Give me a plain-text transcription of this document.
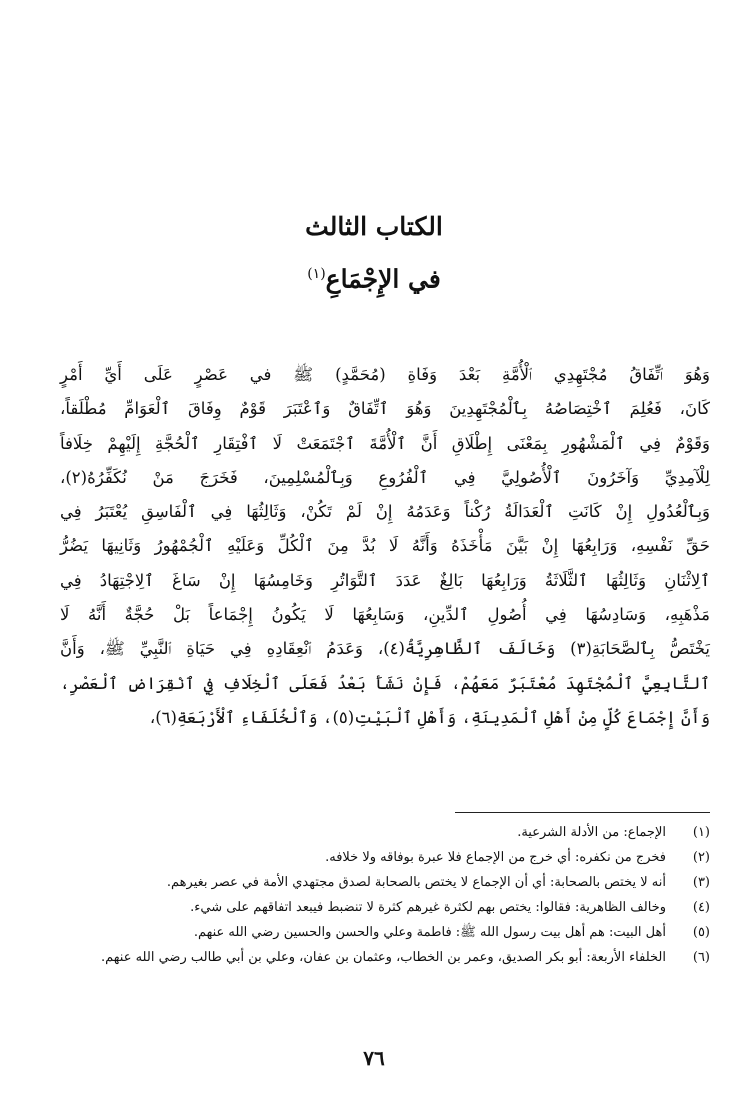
الكتاب الثالث
في الإِجْمَاعِ$^{(١)}$
وَهُوَ ٱتِّفَاقُ مُجْتَهِدِي ٱلْأُمَّةِ بَعْدَ وَفَاةِ (مُحَمَّدٍ) ﷺ في عَصْرٍ عَلَى أَيِّ أَمْرٍ
كَانَ، فَعُلِمَ ٱخْتِصَاصُهُ بِٱلْمُجْتَهِدِينَ وَهُوَ ٱتِّفَاقٌ وَٱعْتَبَرَ قَوْمٌ وِفَاقَ ٱلْعَوَامِّ مُطْلَقاً،
وَقَوْمٌ فِي ٱلْمَشْهُورِ بِمَعْنَى إِطْلَاقِ أَنَّ ٱلْأُمَّةَ ٱجْتَمَعَتْ لَا ٱفْتِقَارِ ٱلْحُجَّةِ إِلَيْهِمْ خِلَافاً
لِلْآمِدِيِّ وَآخَرُونَ ٱلْأُصُولِيَّ فِي ٱلْفُرُوعِ وَبِٱلْمُسْلِمِينَ، فَخَرَجَ مَنْ نُكَفِّرُهُ(٢)،
وَبِٱلْعُدُولِ إِنْ كَانَتِ ٱلْعَدَالَةُ رُكْناً وَعَدَمُهُ إِنْ لَمْ تَكُنْ، وَثَالِثُهَا فِي ٱلْفَاسِقِ يُعْتَبَرُ فِي
حَقِّ نَفْسِهِ، وَرَابِعُهَا إِنْ بَيَّنَ مَأْخَذَهُ وَأَنَّهُ لَا بُدَّ مِنَ ٱلْكُلِّ وَعَلَيْهِ ٱلْجُمْهُورُ وَثَانِيهَا يَضُرُّ
ٱلِاثْنَانِ وَثَالِثُهَا ٱلثَّلَاثَةُ وَرَابِعُهَا بَالِغٌ عَدَدَ ٱلتَّوَاتُرِ وَخَامِسُهَا إِنْ سَاغَ ٱلِاجْتِهَادُ فِي
مَذْهَبِهِ، وَسَادِسُهَا فِي أُصُولِ ٱلدِّينِ، وَسَابِعُهَا لَا يَكُونُ إِجْمَاعاً بَلْ حُجَّةٌ أَنَّهُ لَا
يَخْتَصُّ بِٱلصَّحَابَةِ(٣) وَخَالَفَ ٱلظَّاهِرِيَّةُ(٤)، وَعَدَمُ ٱنْعِقَادِهِ فِي حَيَاةِ ٱلنَّبِيِّ ﷺ، وَأَنَّ
ٱلتَّابِعِيَّ ٱلْمُجْتَهِدَ مُعْتَبَرٌ مَعَهُمْ، فَإِنْ نَشَأَ بَعْدُ فَعَلَى ٱلْخِلَافِ فِي ٱنْقِرَاضِ ٱلْعَصْرِ،
وَأَنَّ إِجْمَاعَ كُلٍّ مِنْ أَهْلِ ٱلْمَدِينَةِ، وَأَهْلِ ٱلْبَيْتِ(٥)، وَٱلْخُلَفَاءِ ٱلْأَرْبَعَةِ(٦)،
(١)
الإجماع: من الأدلة الشرعية.
(٢)
فخرج من نكفره: أي خرج من الإجماع فلا عبرة بوفاقه ولا خلافه.
(٣)
أنه لا يختص بالصحابة: أي أن الإجماع لا يختص بالصحابة لصدق مجتهدي الأمة في عصر بغيرهم.
(٤)
وخالف الظاهرية: فقالوا: يختص بهم لكثرة غيرهم كثرة لا تنضبط فيبعد اتفاقهم على شيء.
(٥)
أهل البيت: هم أهل بيت رسول الله ﷺ: فاطمة وعلي والحسن والحسين رضي الله عنهم.
(٦)
الخلفاء الأربعة: أبو بكر الصديق، وعمر بن الخطاب، وعثمان بن عفان، وعلي بن أبي طالب رضي الله عنهم.
٧٦
